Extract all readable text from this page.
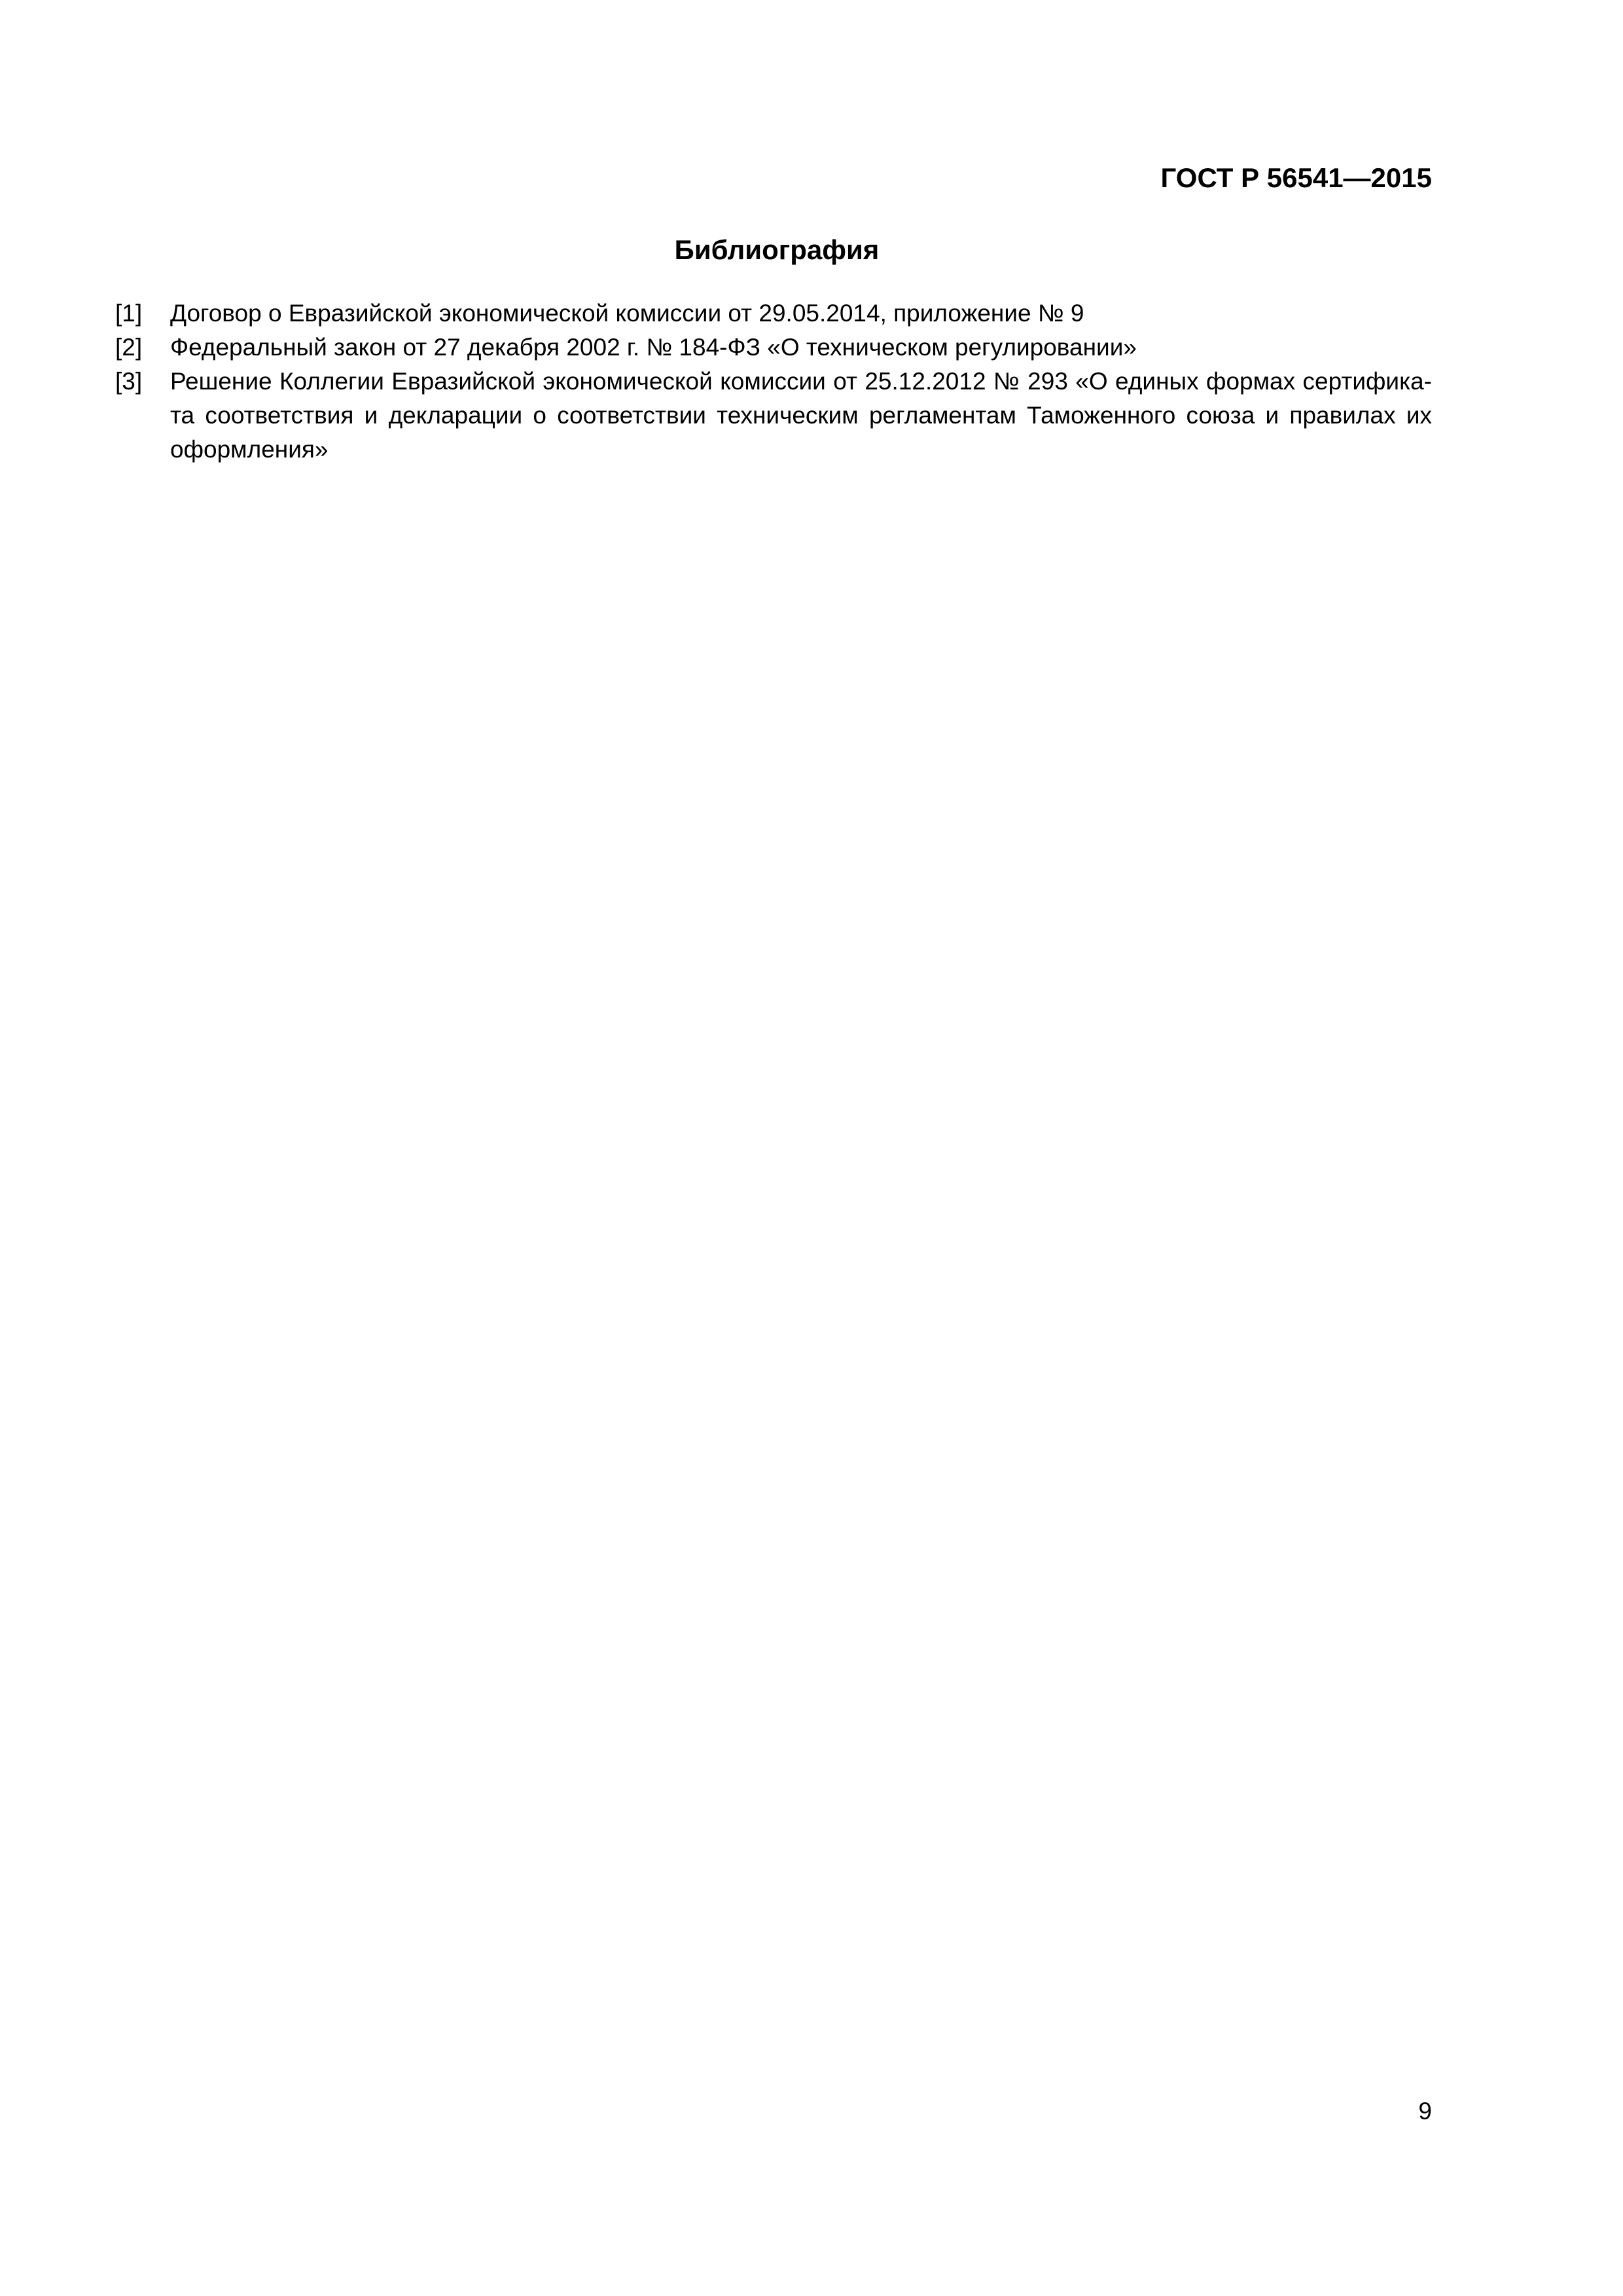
ГОСТ Р 56541—2015
Библиография
[1]	Договор о Евразийской экономической комиссии от 29.05.2014, приложение № 9
[2]	Федеральный закон от 27 декабря 2002 г. № 184-ФЗ «О техническом регулировании»
[3]	Решение Коллегии Евразийской экономической комиссии от 25.12.2012 № 293 «О единых формах сертифика-та соответствия и декларации о соответствии техническим регламентам Таможенного союза и правилах их оформления»
9
